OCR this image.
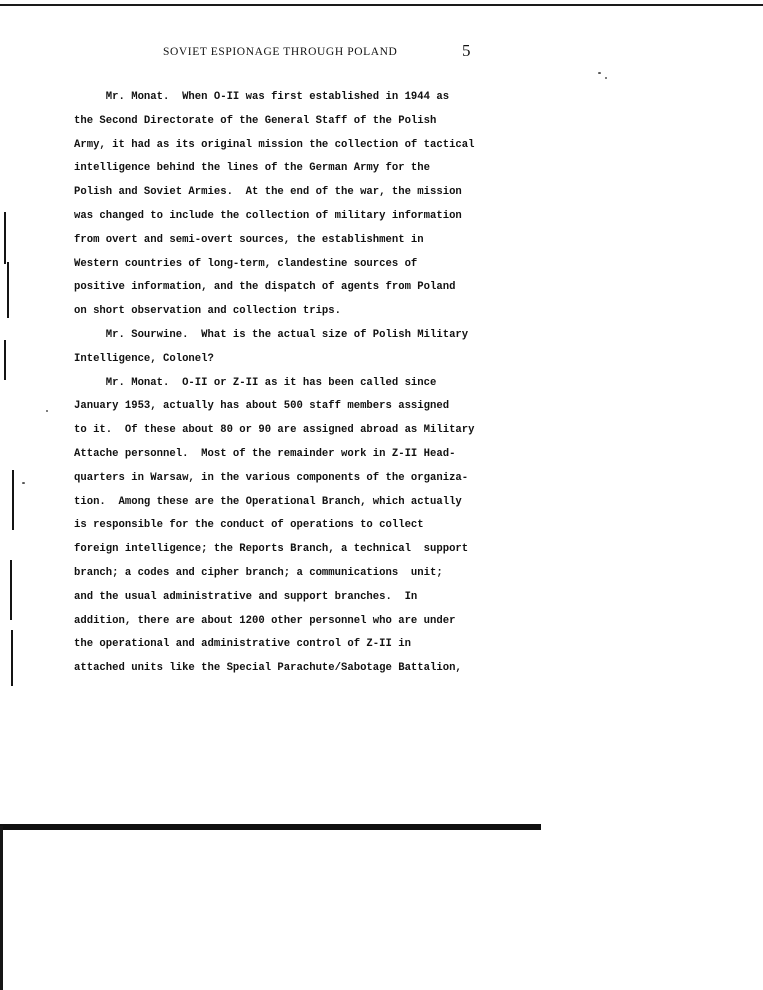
SOVIET ESPIONAGE THROUGH POLAND	5
Mr. Monat.  When O-II was first established in 1944 as
the Second Directorate of the General Staff of the Polish
Army, it had as its original mission the collection of tactical
intelligence behind the lines of the German Army for the
Polish and Soviet Armies.  At the end of the war, the mission
was changed to include the collection of military information
from overt and semi-overt sources, the establishment in
Western countries of long-term, clandestine sources of
positive information, and the dispatch of agents from Poland
on short observation and collection trips.
Mr. Sourwine.  What is the actual size of Polish Military
Intelligence, Colonel?
Mr. Monat.  O-II or Z-II as it has been called since
January 1953, actually has about 500 staff members assigned
to it.  Of these about 80 or 90 are assigned abroad as Military
Attache personnel.  Most of the remainder work in Z-II Head-
quarters in Warsaw, in the various components of the organiza-
tion.  Among these are the Operational Branch, which actually
is responsible for the conduct of operations to collect
foreign intelligence; the Reports Branch, a technical  support
branch; a codes and cipher branch; a communications  unit;
and the usual administrative and support branches.  In
addition, there are about 1200 other personnel who are under
the operational and administrative control of Z-II in
attached units like the Special Parachute/Sabotage Battalion,
